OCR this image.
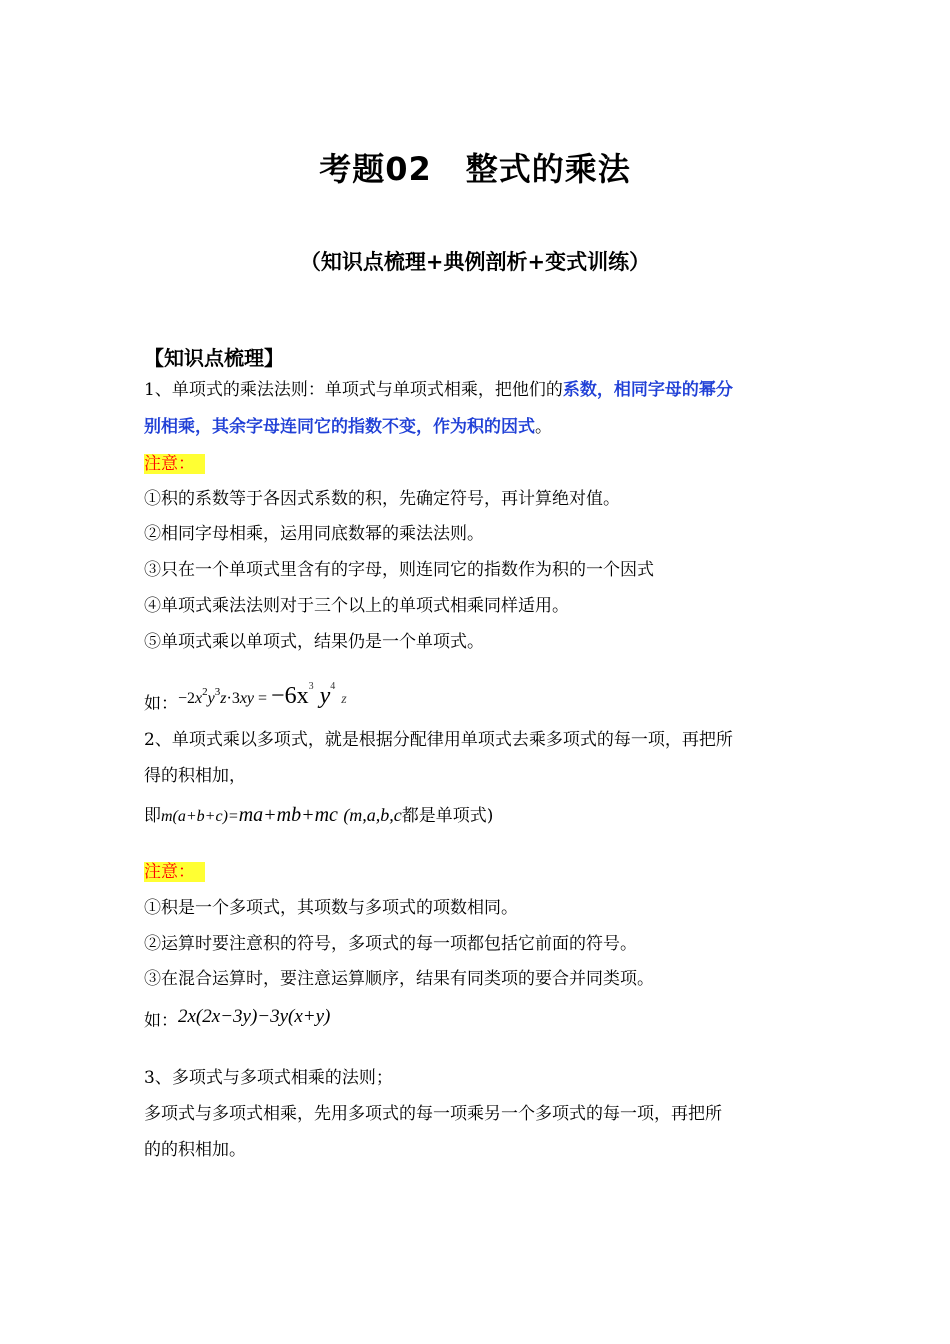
考题02 整式的乘法
（知识点梳理+典例剖析+变式训练）
【知识点梳理】
1、单项式的乘法法则：单项式与单项式相乘，把他们的系数，相同字母的幂分
别相乘，其余字母连同它的指数不变，作为积的因式。
注意：
①积的系数等于各因式系数的积，先确定符号，再计算绝对值。
②相同字母相乘，运用同底数幂的乘法法则。
③只在一个单项式里含有的字母，则连同它的指数作为积的一个因式
④单项式乘法法则对于三个以上的单项式相乘同样适用。
⑤单项式乘以单项式，结果仍是一个单项式。
如：$-2x^2y^3z\cdot 3xy = -6x^3$ $y^4$ z
2、单项式乘以多项式，就是根据分配律用单项式去乘多项式的每一项，再把所
得的积相加，
即m(a+b+c)=ma+mb+mc (m,a,b,c都是单项式)
注意：
①积是一个多项式，其项数与多项式的项数相同。
②运算时要注意积的符号，多项式的每一项都包括它前面的符号。
③在混合运算时，要注意运算顺序，结果有同类项的要合并同类项。
如：2x(2x−3y)−3y(x+y)
3、多项式与多项式相乘的法则；
多项式与多项式相乘，先用多项式的每一项乘另一个多项式的每一项，再把所
的的积相加。
